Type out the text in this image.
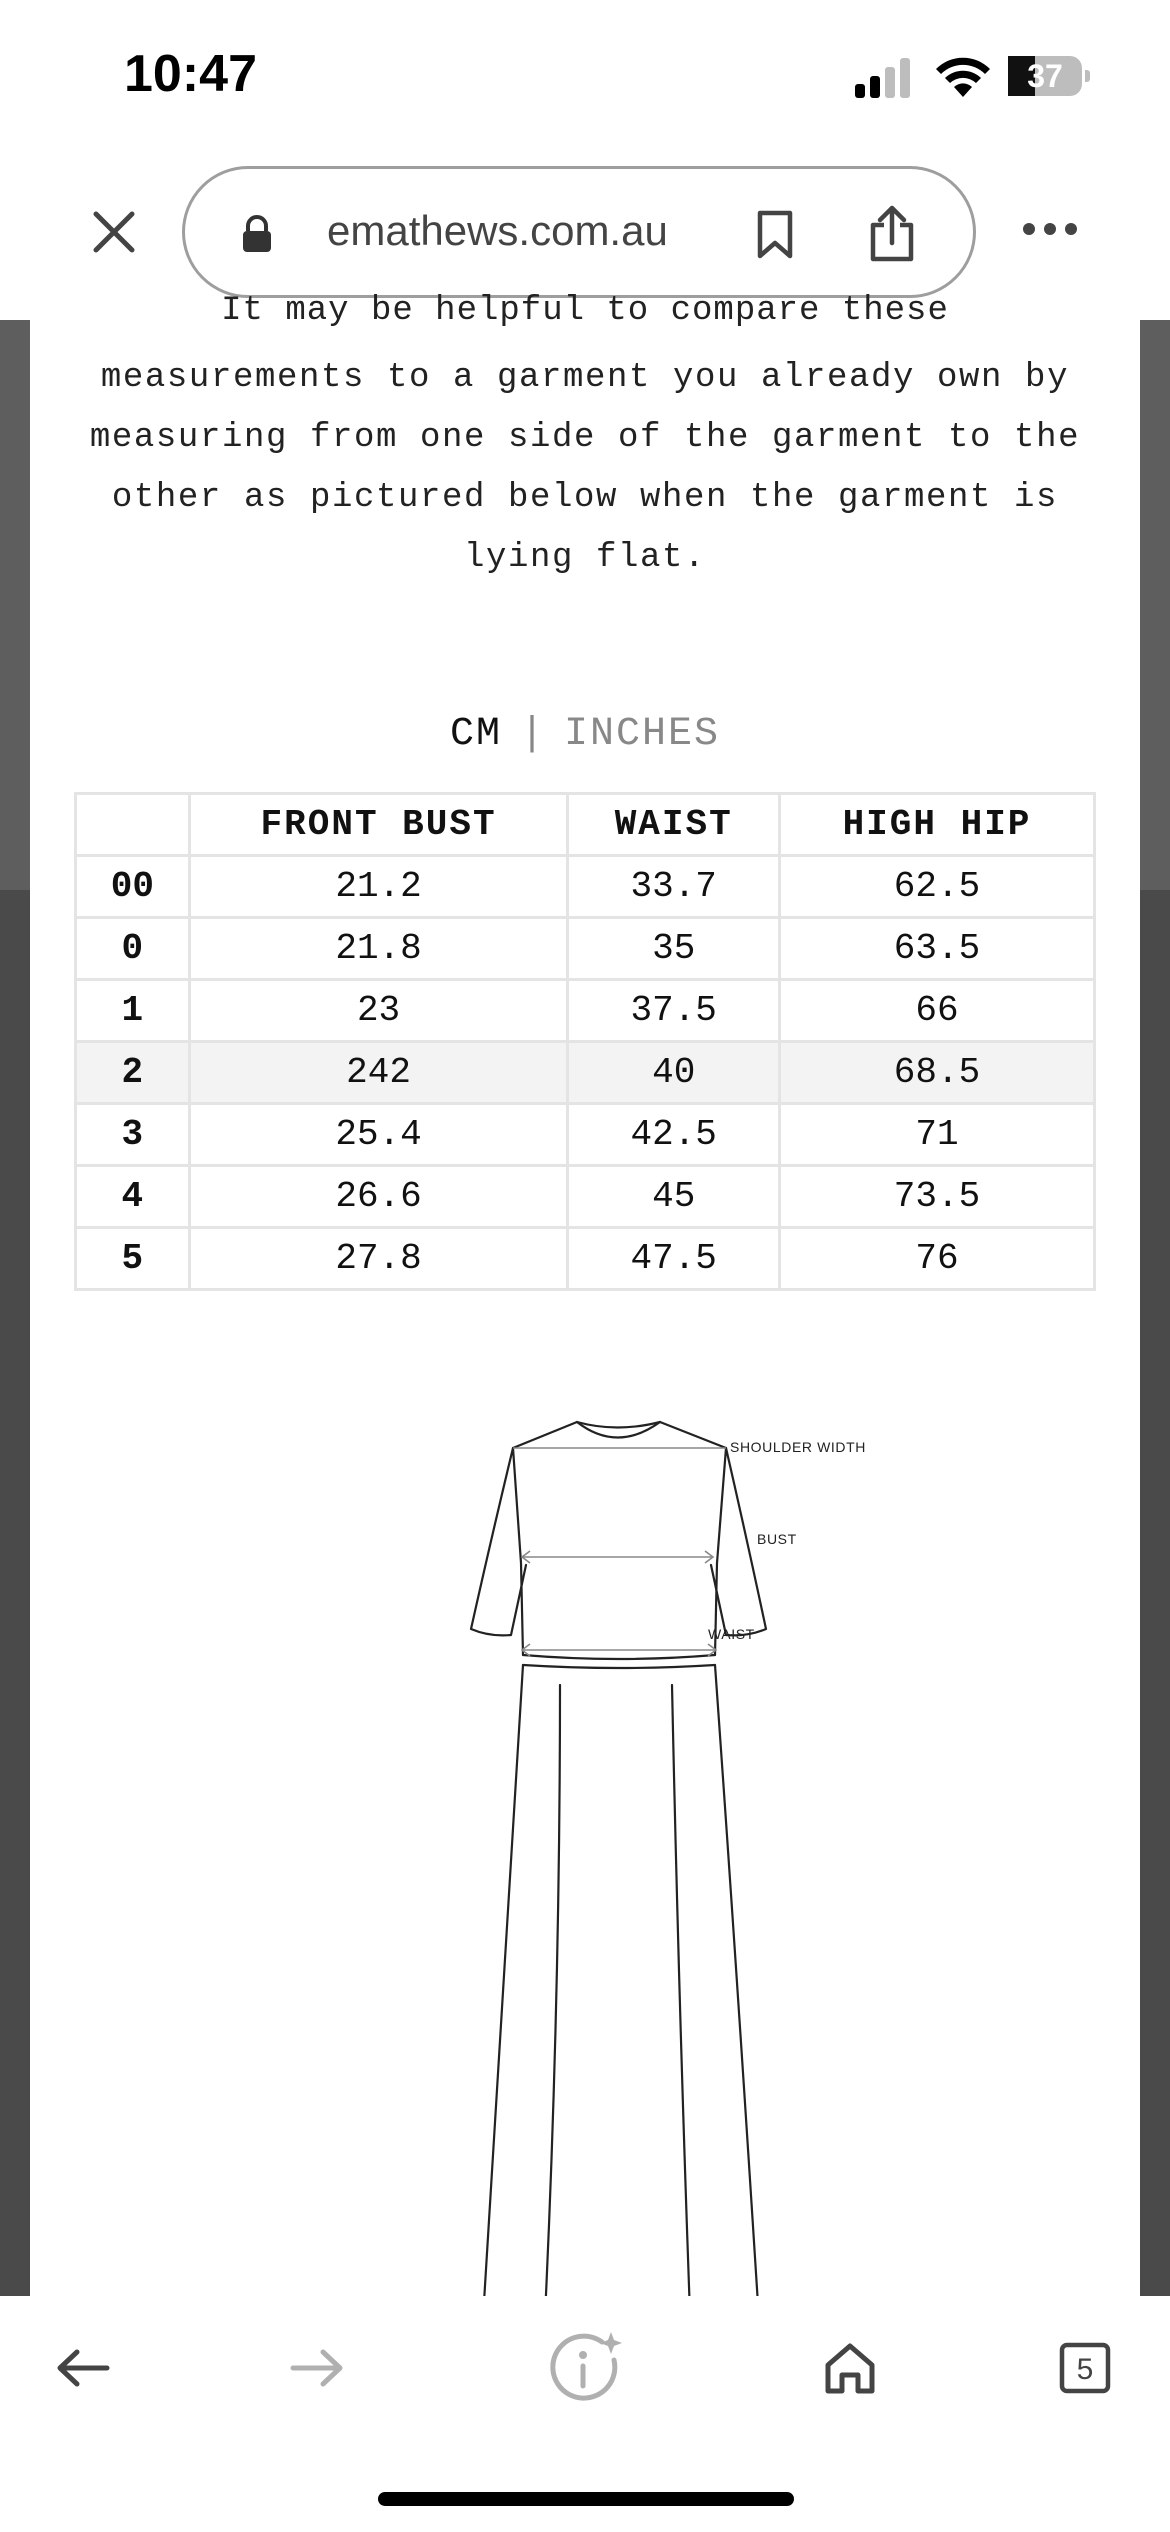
10:47	37
emathews.com.au
It may be helpful to compare these
measurements to a garment you already own by
measuring from one side of the garment to the
other as pictured below when the garment is
lying flat.
CM | INCHES
	FRONT BUST	WAIST	HIGH HIP
00	21.2	33.7	62.5
0	21.8	35	63.5
1	23	37.5	66
2	242	40	68.5
3	25.4	42.5	71
4	26.6	45	73.5
5	27.8	47.5	76
SHOULDER WIDTH
BUST
WAIST
5
